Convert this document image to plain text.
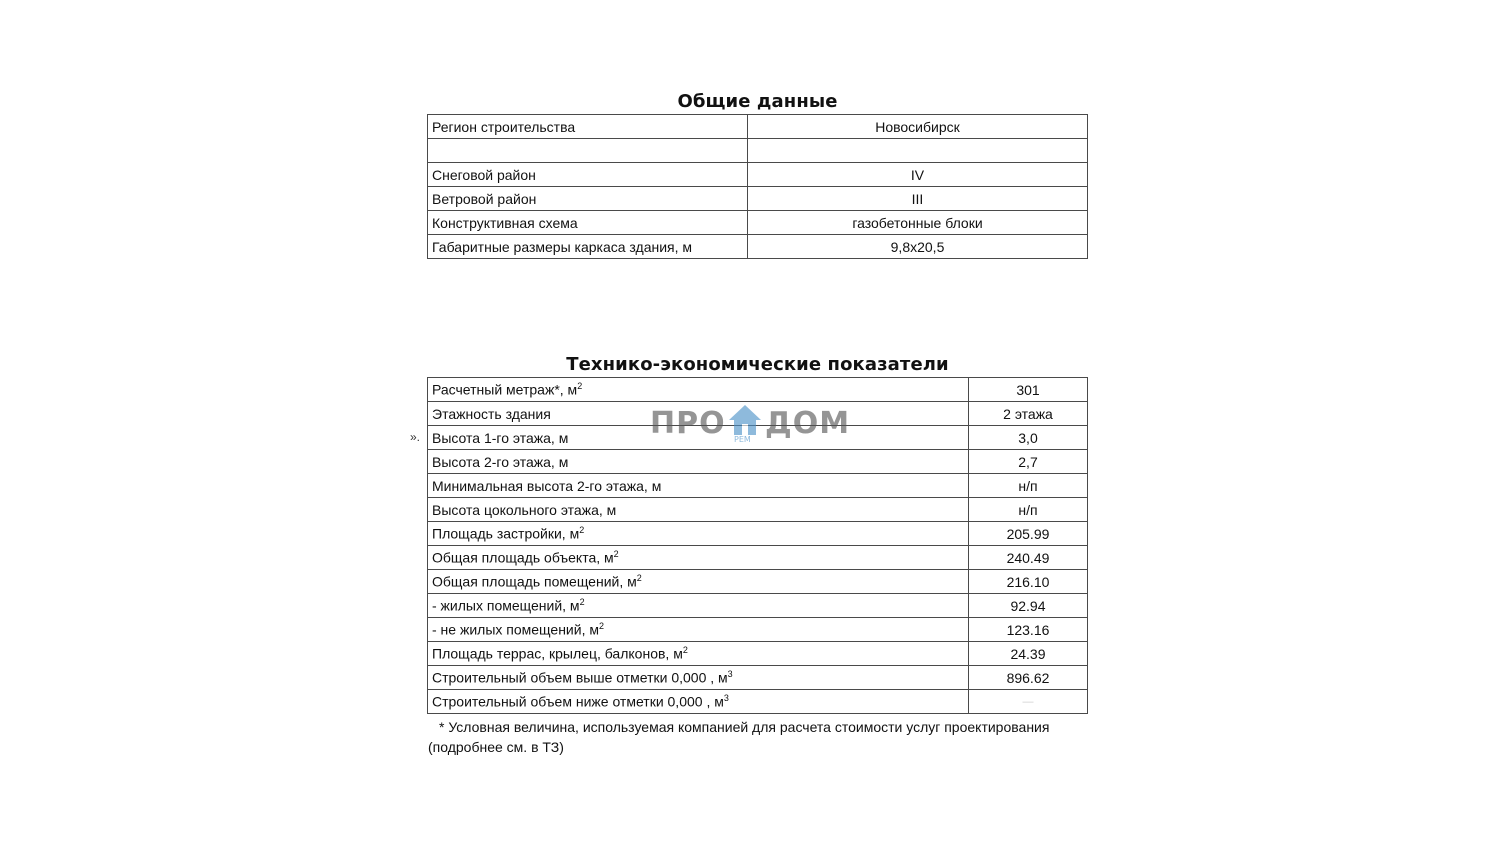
Общие данные
Регион строительства	Новосибирск

Снеговой район	IV
Ветровой район	III
Конструктивная схема	газобетонные блоки
Габаритные размеры каркаса здания, м	9,8х20,5
Технико-экономические показатели
Расчетный метраж*, $м^2$	301
Этажность здания	2 этажа
Высота 1-го этажа, м	3,0
Высота 2-го этажа, м	2,7
Минимальная высота 2-го этажа, м	н/п
Высота цокольного этажа, м	н/п
Площадь застройки, $м^2$	205.99
Общая площадь объекта, $м^2$	240.49
Общая площадь помещений, $м^2$	216.10
- жилых помещений, $м^2$	92.94
- не жилых помещений, $м^2$	123.16
Площадь террас, крылец, балконов, $м^2$	24.39
Строительный объем выше отметки 0,000 , $м^3$	896.62
Строительный объем ниже отметки 0,000 , $м^3$	—
».	ПРО РЕМ ДОМ
* Условная величина, используемая компанией для расчета стоимости услуг проектирования
(подробнее см. в ТЗ)
